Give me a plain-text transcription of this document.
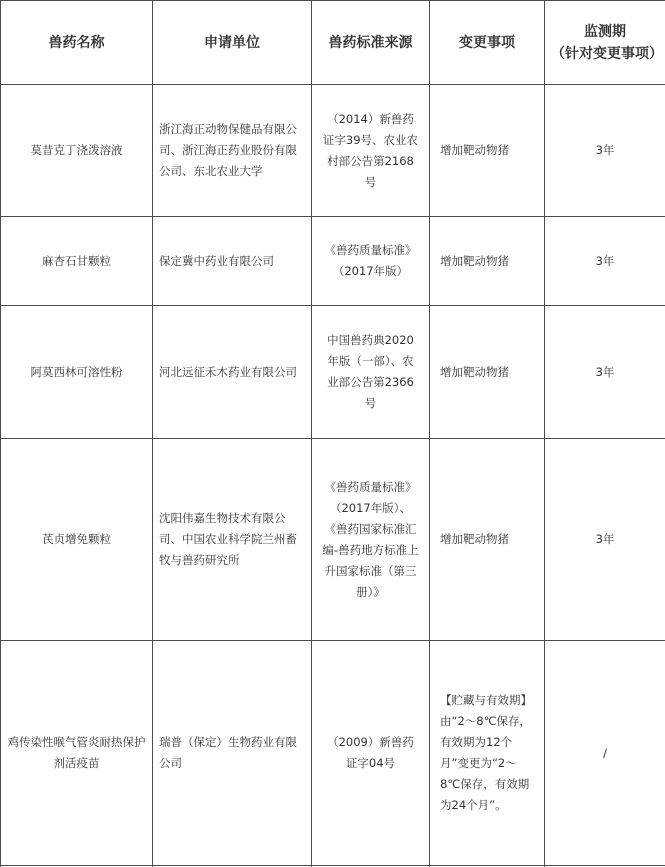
兽药名称	申请单位	兽药标准来源	变更事项	监测期
（针对变更事项）

莫昔克丁浇泼溶液	浙江海正动物保健品有限公司、浙江海正药业股份有限公司、东北农业大学	（2014）新兽药证字39号、农业农村部公告第2168号	增加靶动物猪	3年

麻杏石甘颗粒	保定冀中药业有限公司	《兽药质量标准》（2017年版）	增加靶动物猪	3年

阿莫西林可溶性粉	河北远征禾木药业有限公司	中国兽药典2020年版（一部）、农业部公告第2366号	增加靶动物猪	3年

芪贞增免颗粒	沈阳伟嘉生物技术有限公司、中国农业科学院兰州畜牧与兽药研究所	《兽药质量标准》（2017年版）、《兽药国家标准汇编-兽药地方标准上升国家标准（第三册）》	增加靶动物猪	3年

鸡传染性喉气管炎耐热保护剂活疫苗	瑞普（保定）生物药业有限公司	（2009）新兽药证字04号	【贮藏与有效期】由“2～8℃保存，有效期为12个月”变更为“2～8℃保存，有效期为24个月”。	/
